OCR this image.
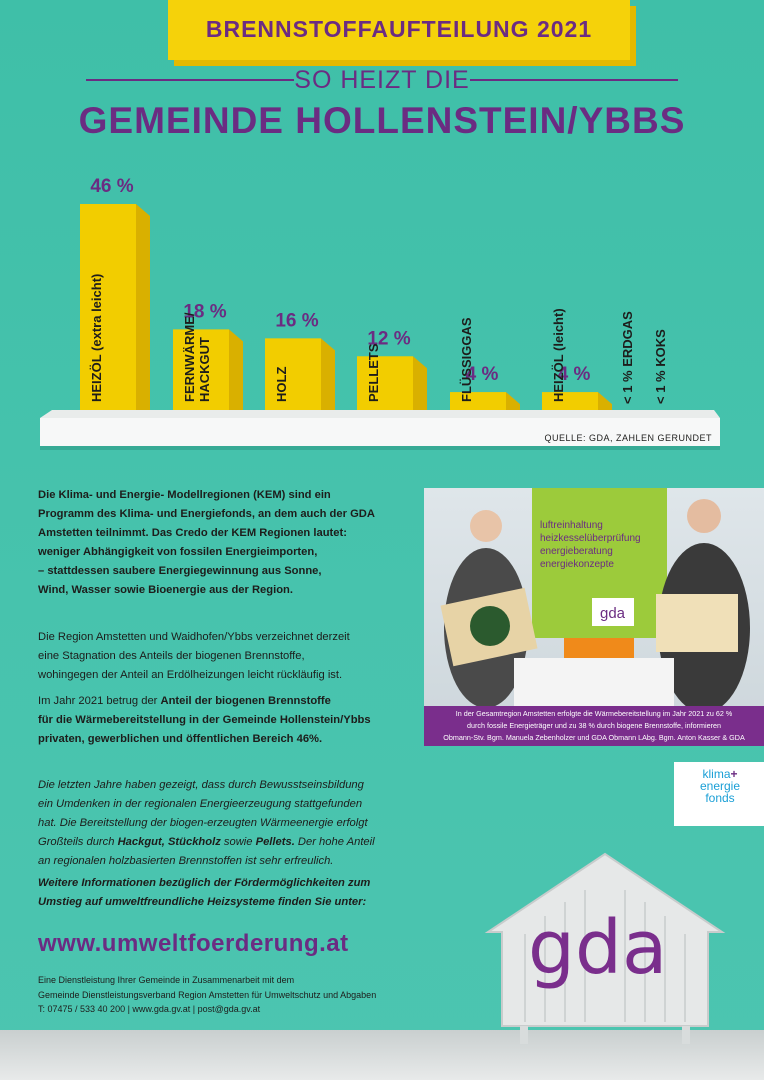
BRENNSTOFFAUFTEILUNG 2021
SO HEIZT DIE
GEMEINDE HOLLENSTEIN/YBBS
46 %
HEIZÖL (extra leicht)	18 %
FERNWÄRME/ HACKGUT
16 %
HOLZ
12 %
PELLETS	4 %
FLÜSSIGGAS	4 %
HEIZÖL (leicht)
< 1 % ERDGAS
< 1 % KOKS
QUELLE: GDA, ZAHLEN GERUNDET
Die Klima- und Energie- Modellregionen (KEM) sind ein
Programm des Klima- und Energiefonds, an dem auch der GDA
Amstetten teilnimmt. Das Credo der KEM Regionen lautet:
weniger Abhängigkeit von fossilen Energieimporten,
– stattdessen saubere Energiegewinnung aus Sonne,
Wind, Wasser sowie Bioenergie aus der Region.
Die Region Amstetten und Waidhofen/Ybbs verzeichnet derzeit
eine Stagnation des Anteils der biogenen Brennstoffe,
wohingegen der Anteil an Erdölheizungen leicht rückläufig ist.
Im Jahr 2021 betrug der Anteil der biogenen Brennstoffe
für die Wärmebereitstellung in der Gemeinde Hollenstein/Ybbs
privaten, gewerblichen und öffentlichen Bereich 46%.
Die letzten Jahre haben gezeigt, dass durch Bewusstseinsbildung
ein Umdenken in der regionalen Energieerzeugung stattgefunden
hat. Die Bereitstellung der biogen-erzeugten Wärmeenergie erfolgt
Großteils durch Hackgut, Stückholz sowie Pellets. Der hohe Anteil
an regionalen holzbasierten Brennstoffen ist sehr erfreulich.
Weitere Informationen bezüglich der Fördermöglichkeiten zum
Umstieg auf umweltfreundliche Heizsysteme finden Sie unter:
www.umweltfoerderung.at
Eine Dienstleistung Ihrer Gemeinde in Zusammenarbeit mit dem
Gemeinde Dienstleistungsverband Region Amstetten für Umweltschutz und Abgaben
T: 07475 / 533 40 200 | www.gda.gv.at | post@gda.gv.at
luftreinhaltung
heizkesselüberprüfung
energieberatung
energiekonzepte
gda
In der Gesamtregion Amstetten erfolgte die Wärmebereitstellung im Jahr 2021 zu 62 %
durch fossile Energieträger und zu 38 % durch biogene Brennstoffe, informieren
Obmann-Stv. Bgm. Manuela Zebenholzer und GDA Obmann LAbg. Bgm. Anton Kasser & GDA
klima+
energie
fonds
gda
